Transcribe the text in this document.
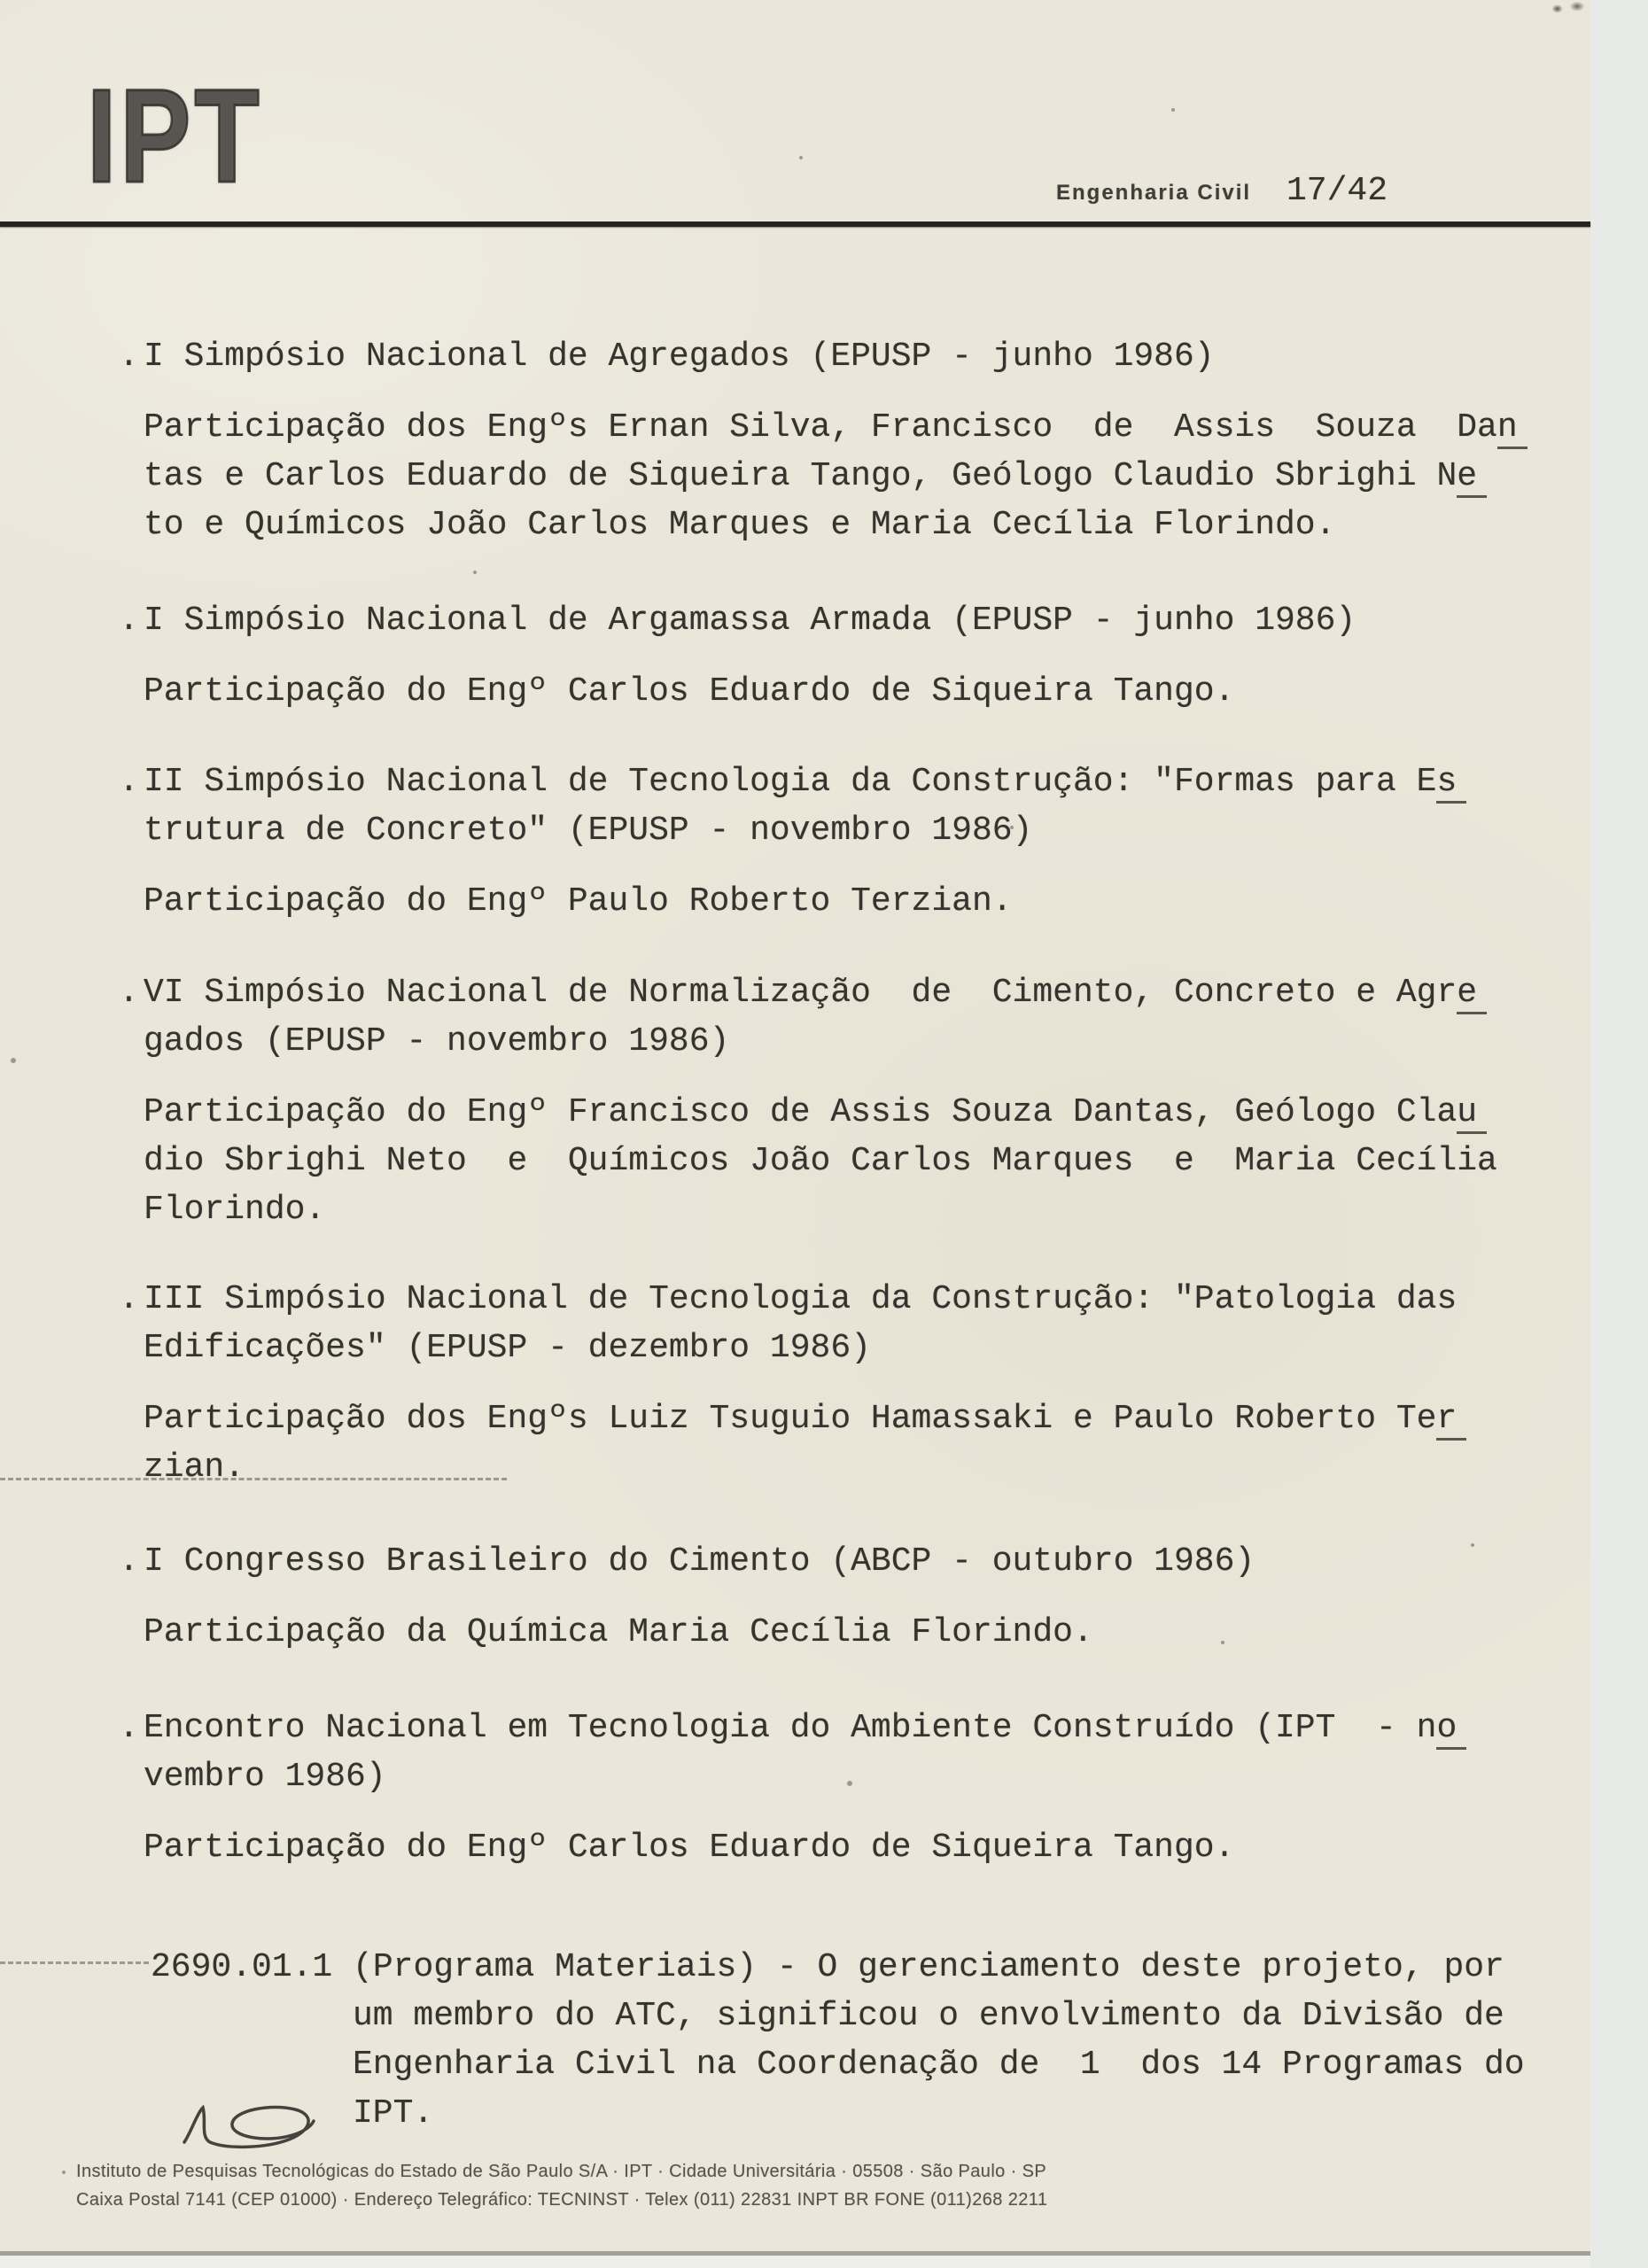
IPT	Engenharia Civil 17/42
. I Simpósio Nacional de Agregados (EPUSP - junho 1986)
Participação dos Engºs Ernan Silva, Francisco  de  Assis  Souza  Dan
tas e Carlos Eduardo de Siqueira Tango, Geólogo Claudio Sbrighi Ne
to e Químicos João Carlos Marques e Maria Cecília Florindo.
. I Simpósio Nacional de Argamassa Armada (EPUSP - junho 1986)
Participação do Engº Carlos Eduardo de Siqueira Tango.
. II Simpósio Nacional de Tecnologia da Construção: "Formas para Es
trutura de Concreto" (EPUSP - novembro 1986)
Participação do Engº Paulo Roberto Terzian.
. VI Simpósio Nacional de Normalização  de  Cimento, Concreto e Agre
gados (EPUSP - novembro 1986)
Participação do Engº Francisco de Assis Souza Dantas, Geólogo Clau
dio Sbrighi Neto  e  Químicos João Carlos Marques  e  Maria Cecília
Florindo.
. III Simpósio Nacional de Tecnologia da Construção: "Patologia das
Edificações" (EPUSP - dezembro 1986)
Participação dos Engºs Luiz Tsuguio Hamassaki e Paulo Roberto Ter
zian.
. I Congresso Brasileiro do Cimento (ABCP - outubro 1986)
Participação da Química Maria Cecília Florindo.
. Encontro Nacional em Tecnologia do Ambiente Construído (IPT  - no
vembro 1986)
Participação do Engº Carlos Eduardo de Siqueira Tango.
2690.01.1 (Programa Materiais) - O gerenciamento deste projeto, por
um membro do ATC, significou o envolvimento da Divisão de
Engenharia Civil na Coordenação de  1  dos 14 Programas do
IPT.
Instituto de Pesquisas Tecnológicas do Estado de São Paulo S/A · IPT · Cidade Universitária · 05508 · São Paulo · SP
Caixa Postal 7141 (CEP 01000) · Endereço Telegráfico: TECNINST · Telex (011) 22831 INPT BR FONE (011)268 2211
